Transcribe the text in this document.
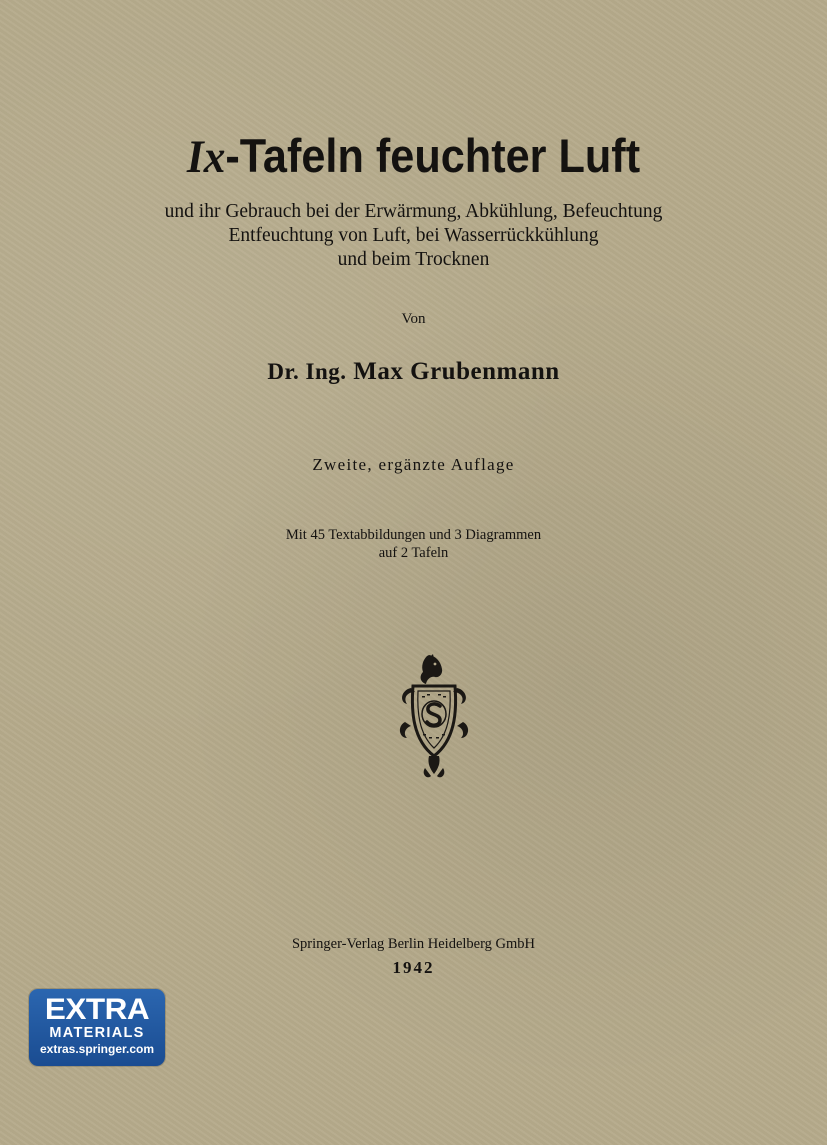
Ix-Tafeln feuchter Luft
und ihr Gebrauch bei der Erwärmung, Abkühlung, Befeuchtung
Entfeuchtung von Luft, bei Wasserrückkühlung
und beim Trocknen
Von
Dr. Ing. Max Grubenmann
Zweite, ergänzte Auflage
Mit 45 Textabbildungen und 3 Diagrammen
auf 2 Tafeln
Springer-Verlag Berlin Heidelberg GmbH
1942
EXTRA
MATERIALS
extras.springer.com
